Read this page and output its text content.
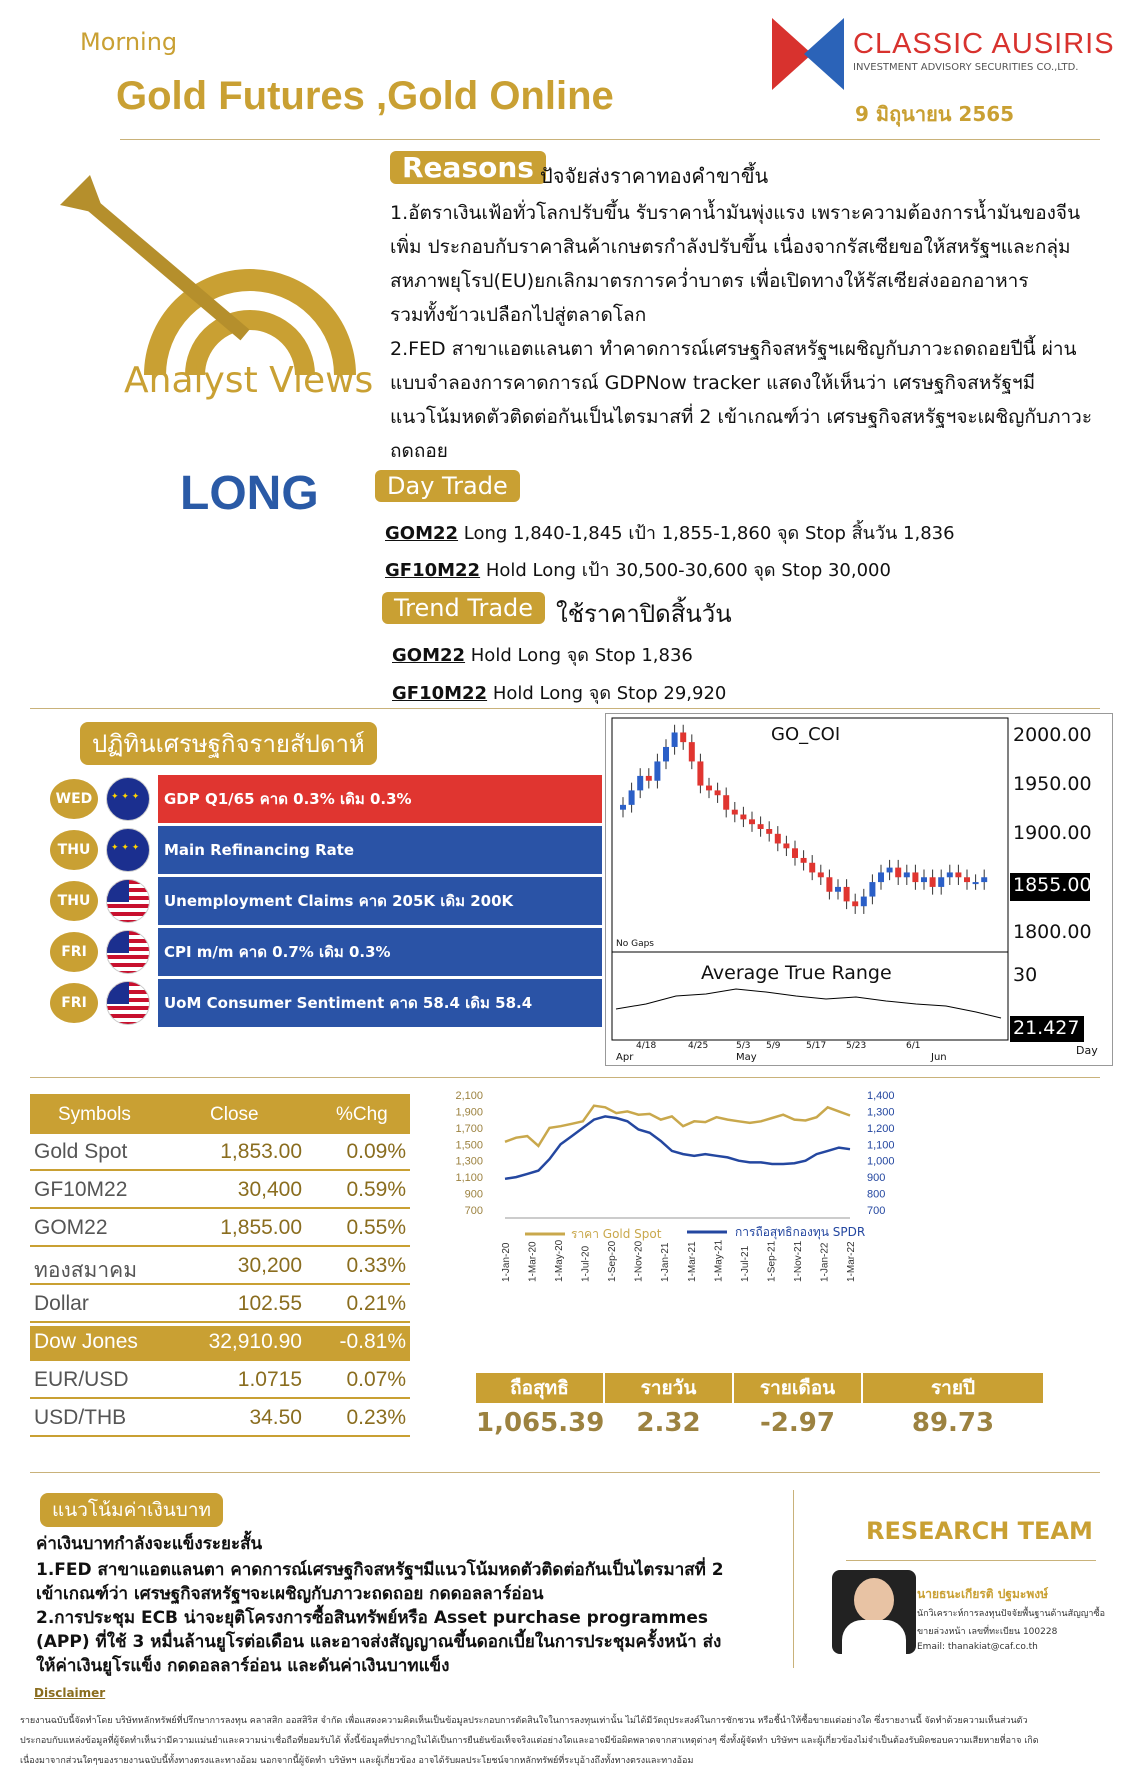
Morning
Gold Futures ,Gold Online
CLASSIC AUSIRIS
INVESTMENT ADVISORY SECURITIES CO.,LTD.
9 มิถุนายน 2565
Analyst Views
LONG
Reasons ปัจจัยส่งราคาทองคำขาขึ้น
1.อัตราเงินเฟ้อทั่วโลกปรับขึ้น รับราคาน้ำมันพุ่งแรง เพราะความต้องการน้ำมันของจีน
เพิ่ม ประกอบกับราคาสินค้าเกษตรกำลังปรับขึ้น เนื่องจากรัสเซียขอให้สหรัฐฯและกลุ่ม
สหภาพยุโรป(EU)ยกเลิกมาตรการคว่ำบาตร เพื่อเปิดทางให้รัสเซียส่งออกอาหาร
รวมทั้งข้าวเปลือกไปสู่ตลาดโลก
2.FED สาขาแอตแลนตา ทำคาดการณ์เศรษฐกิจสหรัฐฯเผชิญกับภาวะถดถอยปีนี้ ผ่าน
แบบจำลองการคาดการณ์ GDPNow tracker แสดงให้เห็นว่า เศรษฐกิจสหรัฐฯมี
แนวโน้มหดตัวติดต่อกันเป็นไตรมาสที่ 2 เข้าเกณฑ์ว่า เศรษฐกิจสหรัฐฯจะเผชิญกับภาวะ
ถดถอย
Day Trade
GOM22 Long 1,840-1,845 เป้า 1,855-1,860 จุด Stop สิ้นวัน 1,836
GF10M22 Hold Long เป้า 30,500-30,600 จุด Stop 30,000
Trend Trade ใช้ราคาปิดสิ้นวัน
GOM22 Hold Long จุด Stop 1,836
GF10M22 Hold Long จุด Stop 29,920
ปฏิทินเศรษฐกิจรายสัปดาห์
WED ✦ ✦ ✦	GDP Q1/65 คาด 0.3% เดิม 0.3%
THU ✦ ✦ ✦	Main Refinancing Rate
THU	Unemployment Claims คาด 205K เดิม 200K
FRI	CPI m/m คาด 0.7% เดิม 0.3%
FRI	UoM Consumer Sentiment คาด 58.4 เดิม 58.4
GO_COI	2000.00
1950.00
1900.00
1855.00
1800.00
No Gaps
Average True Range	30
21.427
4/18	4/25	5/3 5/9	5/17 5/23	6/1
Apr	May	Jun
Day
Symbols	Close	%Chg
Gold Spot	1,853.00 0.09%
GF10M22	30,400 0.59%
GOM22	1,855.00 0.55%
ทองสมาคม	30,200 0.33%
Dollar	102.55 0.21%
Dow Jones	32,910.90 -0.81%
EUR/USD	1.0715 0.07%
USD/THB	34.50 0.23%
2,100
1,900
1,700
1,500
1,300
1,100
900
700
1,400
1,300
1,200
1,100
1,000
900
800
700
1-Jan-20 1-Mar-20 1-May-20 1-Jul-20 1-Sep-20 1-Nov-20 1-Jan-21 1-Mar-21 1-May-21 1-Jul-21 1-Sep-21 1-Nov-21 1-Jan-22 1-Mar-22
ราคา Gold Spot	การถือสุทธิกองทุน SPDR
ถือสุทธิ	รายวัน	รายเดือน	รายปี
1,065.39	2.32	-2.97	89.73
แนวโน้มค่าเงินบาท
ค่าเงินบาทกำลังจะแข็งระยะสั้น
1.FED สาขาแอตแลนตา คาดการณ์เศรษฐกิจสหรัฐฯมีแนวโน้มหดตัวติดต่อกันเป็นไตรมาสที่ 2
เข้าเกณฑ์ว่า เศรษฐกิจสหรัฐฯจะเผชิญกับภาวะถดถอย กดดอลลาร์อ่อน
2.การประชุม ECB น่าจะยุติโครงการซื้อสินทรัพย์หรือ Asset purchase programmes
(APP) ที่ใช้ 3 หมื่นล้านยูโรต่อเดือน และอาจส่งสัญญาณขึ้นดอกเบี้ยในการประชุมครั้งหน้า ส่ง
ให้ค่าเงินยูโรแข็ง กดดอลลาร์อ่อน และดันค่าเงินบาทแข็ง
RESEARCH TEAM
นายธนะเกียรติ ปฐมะพงษ์
นักวิเคราะห์การลงทุนปัจจัยพื้นฐานด้านสัญญาซื้อ
ขายล่วงหน้า เลขที่ทะเบียน 100228
Email: thanakiat@caf.co.th
Disclaimer
รายงานฉบับนี้จัดทำโดย บริษัทหลักทรัพย์ที่ปรึกษาการลงทุน คลาสสิก ออสสิริส จำกัด เพื่อแสดงความคิดเห็นเป็นข้อมูลประกอบการตัดสินใจในการลงทุนเท่านั้น ไม่ได้มีวัตถุประสงค์ในการชักชวน หรือชี้นำให้ซื้อขายแต่อย่างใด ซึ่งรายงานนี้ จัดทำด้วยความเห็นส่วนตัว
ประกอบกับแหล่งข้อมูลที่ผู้จัดทำเห็นว่ามีความแม่นยำและความน่าเชื่อถือที่ยอมรับได้ ทั้งนี้ข้อมูลที่ปรากฏในได้เป็นการยืนยันข้อเท็จจริงแต่อย่างใดและอาจมีข้อผิดพลาดจากสาเหตุต่างๆ ซึ่งทั้งผู้จัดทำ บริษัทฯ และผู้เกี่ยวข้องไม่จำเป็นต้องรับผิดชอบความเสียหายที่อาจ เกิด
เนื่องมาจากส่วนใดๆของรายงานฉบับนี้ทั้งทางตรงและทางอ้อม นอกจากนี้ผู้จัดทำ บริษัทฯ และผู้เกี่ยวข้อง อาจได้รับผลประโยชน์จากหลักทรัพย์ที่ระบุอ้างถึงทั้งทางตรงและทางอ้อม
